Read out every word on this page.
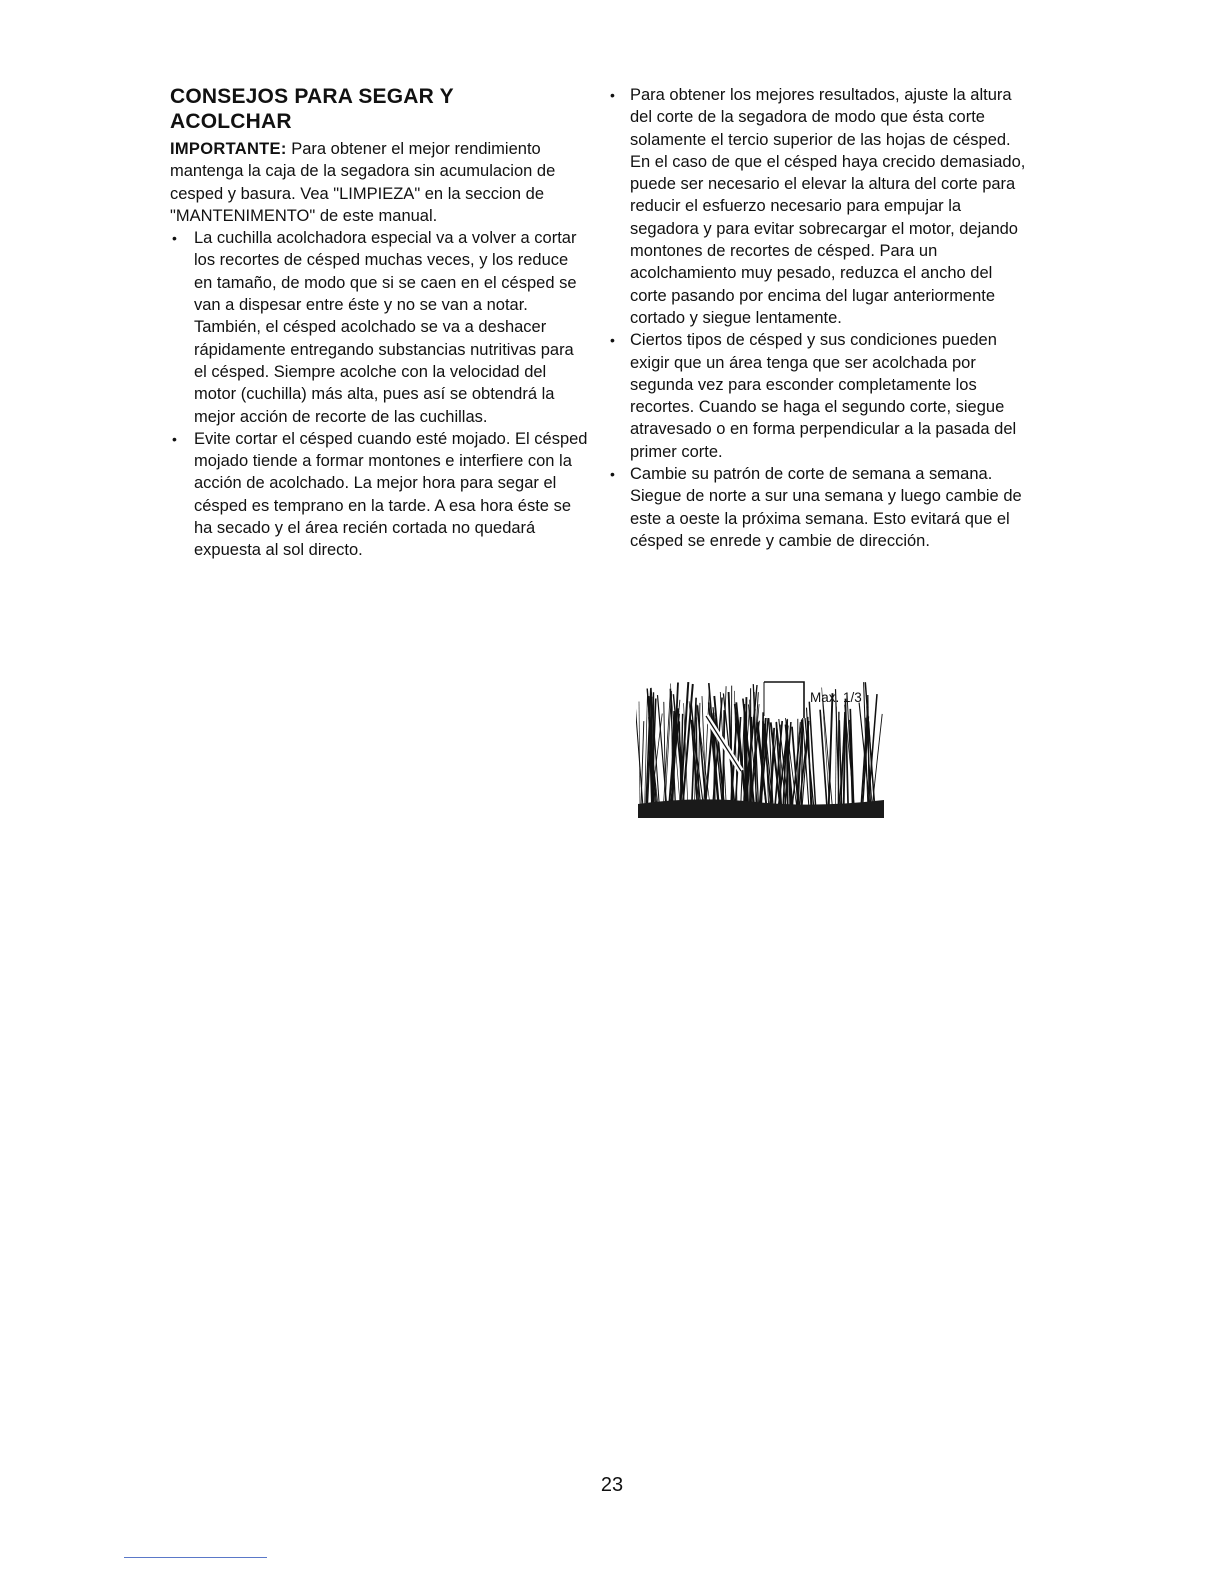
CONSEJOS PARA SEGAR Y
ACOLCHAR

IMPORTANTE: Para obtener el mejor rendimiento mantenga la caja de la segadora sin acumulacion de cesped y basura. Vea "LIMPIEZA" en la seccion de "MANTENIMENTO" de este manual.

• La cuchilla acolchadora especial va a volver a cortar los recortes de césped muchas veces, y los reduce en tamaño, de modo que si se caen en el césped se van a dispesar entre éste y no se van a notar. También, el césped acolchado se va a deshacer rápidamente entregando substancias nutritivas para el césped. Siempre acolche con la velocidad del motor (cuchilla) más alta, pues así se obtendrá la mejor acción de recorte de las cuchillas.
• Evite cortar el césped cuando esté mojado. El césped mojado tiende a formar montones e interfiere con la acción de acolchado. La mejor hora para segar el césped es temprano en la tarde. A esa hora éste se ha secado y el área recién cortada no quedará expuesta al sol directo.
• Para obtener los mejores resultados, ajuste la altura del corte de la segadora de modo que ésta corte solamente el tercio superior de las hojas de césped. En el caso de que el césped haya crecido demasiado, puede ser necesario el elevar la altura del corte para reducir el esfuerzo necesario para empujar la segadora y para evitar sobrecargar el motor, dejando montones de recortes de césped. Para un acolchamiento muy pesado, reduzca el ancho del corte pasando por encima del lugar anteriormente cortado y siegue lentamente.
• Ciertos tipos de césped y sus condiciones pueden exigir que un área tenga que ser acolchada por segunda vez para esconder completamente los recortes. Cuando se haga el segundo corte, siegue atravesado o en forma perpendicular a la pasada del primer corte.
• Cambie su patrón de corte de semana a semana. Siegue de norte a sur una semana y luego cambie de este a oeste la próxima semana. Esto evitará que el césped se enrede y cambie de dirección.
Max. 1/3
23
